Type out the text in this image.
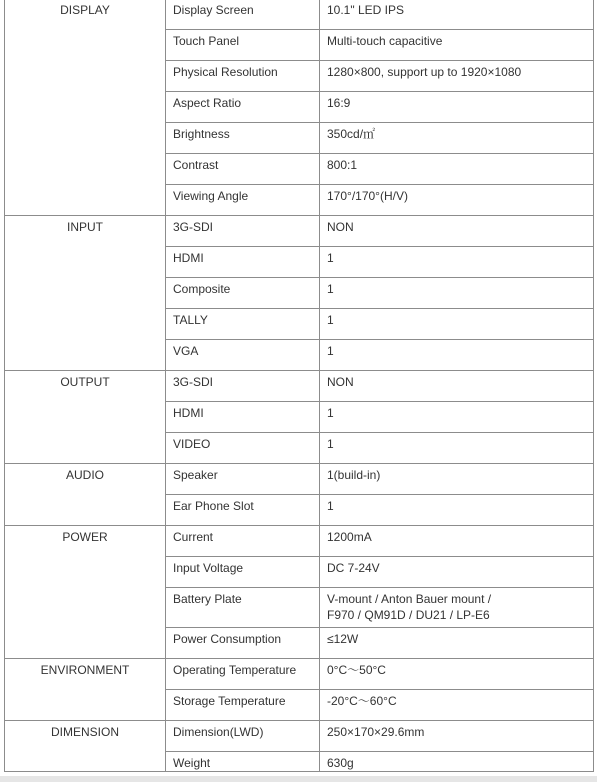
DISPLAY	Display Screen	10.1" LED IPS
	Touch Panel	Multi-touch capacitive
	Physical Resolution	1280×800, support up to 1920×1080
	Aspect Ratio	16:9
	Brightness	350cd/㎡
	Contrast	800:1
	Viewing Angle	170°/170°(H/V)
INPUT	3G-SDI	NON
	HDMI	1
	Composite	1
	TALLY	1
	VGA	1
OUTPUT	3G-SDI	NON
	HDMI	1
	VIDEO	1
AUDIO	Speaker	1(build-in)
	Ear Phone Slot	1
POWER	Current	1200mA
	Input Voltage	DC 7-24V
	Battery Plate	V-mount / Anton Bauer mount /
F970 / QM91D / DU21 / LP-E6
	Power Consumption	≤12W
ENVIRONMENT	Operating Temperature	0°C～50°C
	Storage Temperature	-20°C～60°C
DIMENSION	Dimension(LWD)	250×170×29.6mm
	Weight	630g
